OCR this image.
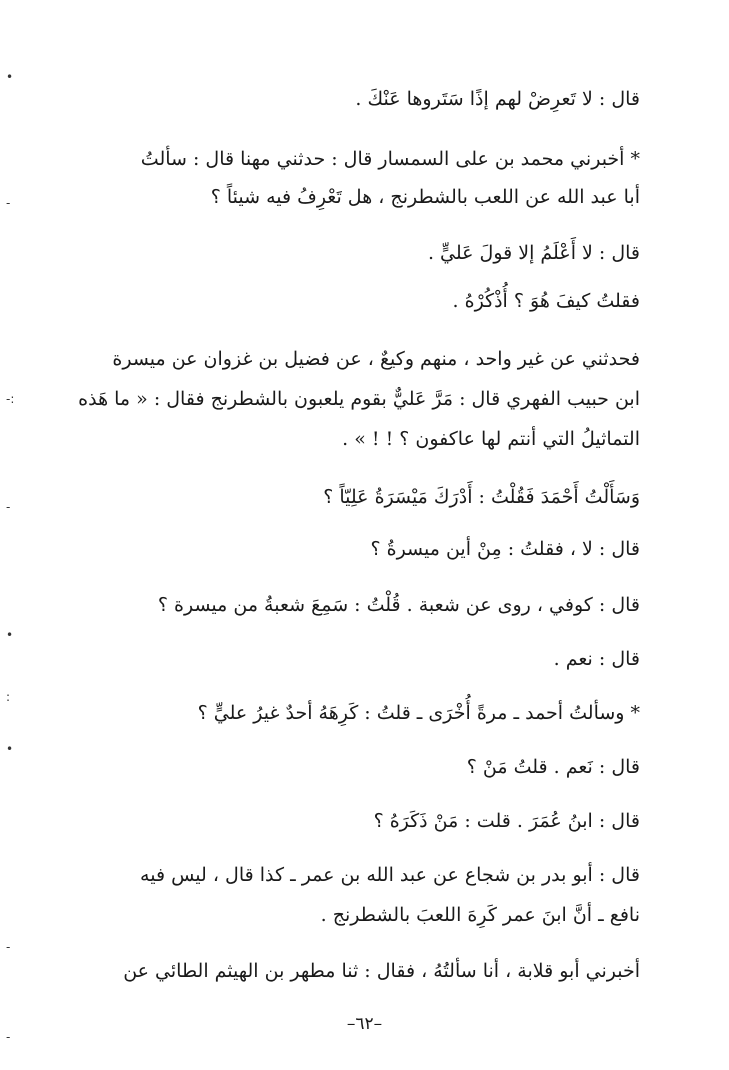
•
-
-:
-
•
:
•
-
-
قال : لا تَعرِضْ لهم إذًا سَتَروها عَنْكَ .
* أخبرني محمد بن على السمسار قال : حدثني مهنا قال : سألتُ
أبا عبد الله عن اللعب بالشطرنج ، هل تَعْرِفُ فيه شيئاً ؟
قال : لا أَعْلَمُ إلا قولَ عَليٍّ .
فقلتُ كيفَ هُوَ ؟ أُذْكُرْهُ .
فحدثني عن غير واحد ، منهم وكيعٌ ، عن فضيل بن غزوان عن ميسرة
ابن حبيب الفهري قال : مَرَّ عَليٌّ بقوم يلعبون بالشطرنج فقال : « ما هَذه
التماثيلُ التي أنتم لها عاكفون ؟ ! ! » .
وَسَأَلْتُ أَحْمَدَ فَقُلْتُ : أَدْرَكَ مَيْسَرَةُ عَلِيّاً ؟
قال : لا ، فقلتُ : مِنْ أين ميسرةُ ؟
قال : كوفي ، روى عن شعبة . قُلْتُ : سَمِعَ شعبةُ من ميسرة ؟
قال : نعم .
* وسألتُ أحمد ـ مرةً أُخْرَى ـ قلتُ : كَرِهَهُ أحدٌ غيرُ عليٍّ ؟
قال : نَعم . قلتُ مَنْ ؟
قال : ابنُ عُمَرَ . قلت : مَنْ ذَكَرَهُ ؟
قال : أبو بدر بن شجاع عن عبد الله بن عمر ـ كذا قال ، ليس فيه
نافع ـ أنَّ ابنَ عمر كَرِهَ اللعبَ بالشطرنج .
أخبرني أبو قلابة ، أنا سألتُهُ ، فقال : ثنا مطهر بن الهيثم الطائي عن
–٦٢–
